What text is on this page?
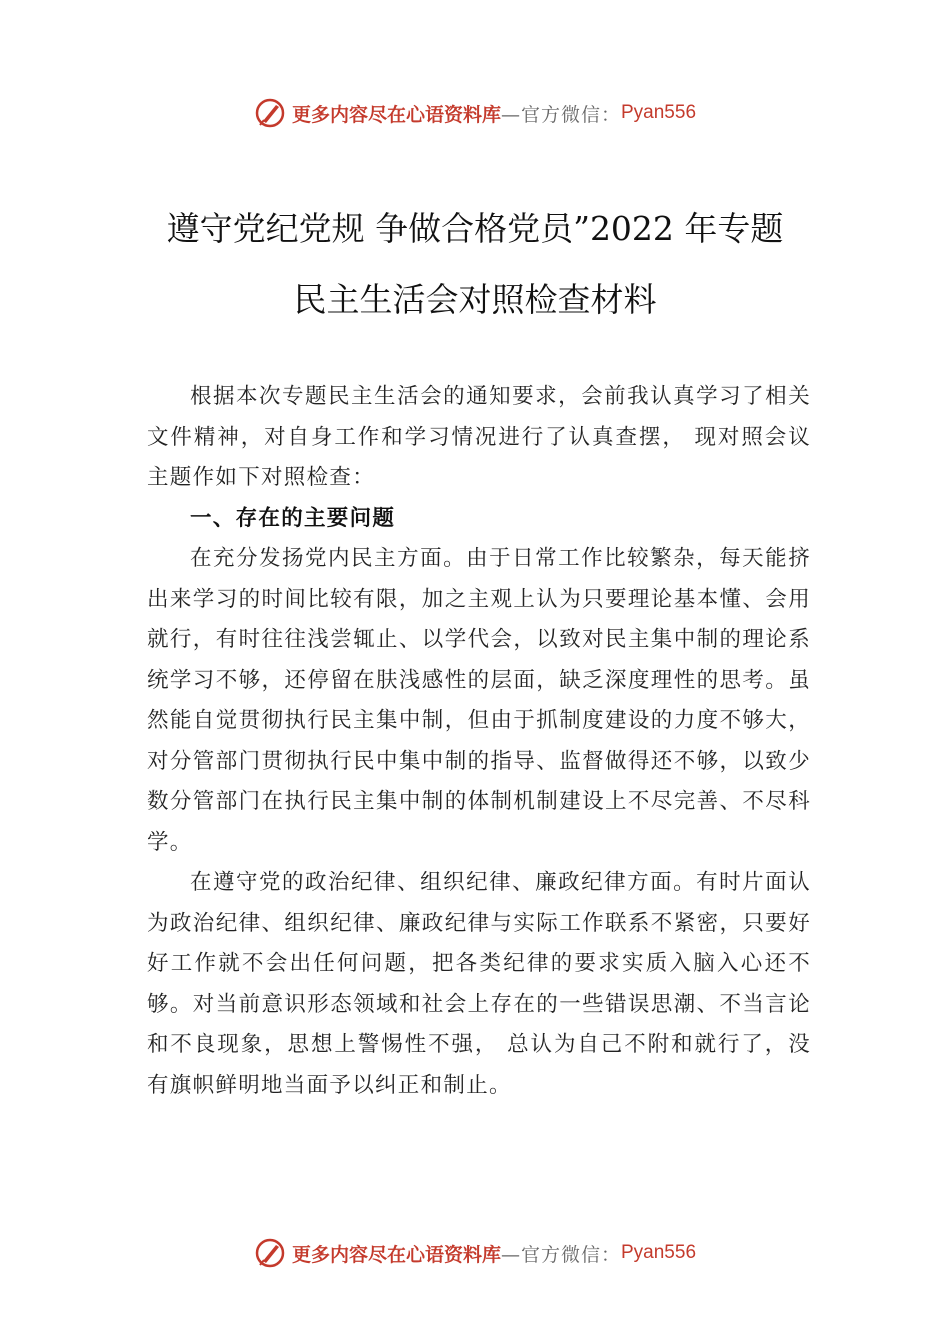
更多内容尽在心语资料库 —官方微信： Pyan556
遵守党纪党规 争做合格党员”2022 年专题
民主生活会对照检查材料

根据本次专题民主生活会的通知要求，会前我认真学习了相关文件精神，对自身工作和学习情况进行了认真查摆， 现对照会议主题作如下对照检查：

一、存在的主要问题

在充分发扬党内民主方面。由于日常工作比较繁杂，每天能挤出来学习的时间比较有限，加之主观上认为只要理论基本懂、会用就行，有时往往浅尝辄止、以学代会，以致对民主集中制的理论系统学习不够，还停留在肤浅感性的层面，缺乏深度理性的思考。虽然能自觉贯彻执行民主集中制，但由于抓制度建设的力度不够大，对分管部门贯彻执行民中集中制的指导、监督做得还不够，以致少数分管部门在执行民主集中制的体制机制建设上不尽完善、不尽科学。

在遵守党的政治纪律、组织纪律、廉政纪律方面。有时片面认为政治纪律、组织纪律、廉政纪律与实际工作联系不紧密，只要好好工作就不会出任何问题，把各类纪律的要求实质入脑入心还不够。对当前意识形态领域和社会上存在的一些错误思潮、不当言论和不良现象，思想上警惕性不强， 总认为自己不附和就行了，没有旗帜鲜明地当面予以纠正和制止。

更多内容尽在心语资料库 —官方微信： Pyan556
